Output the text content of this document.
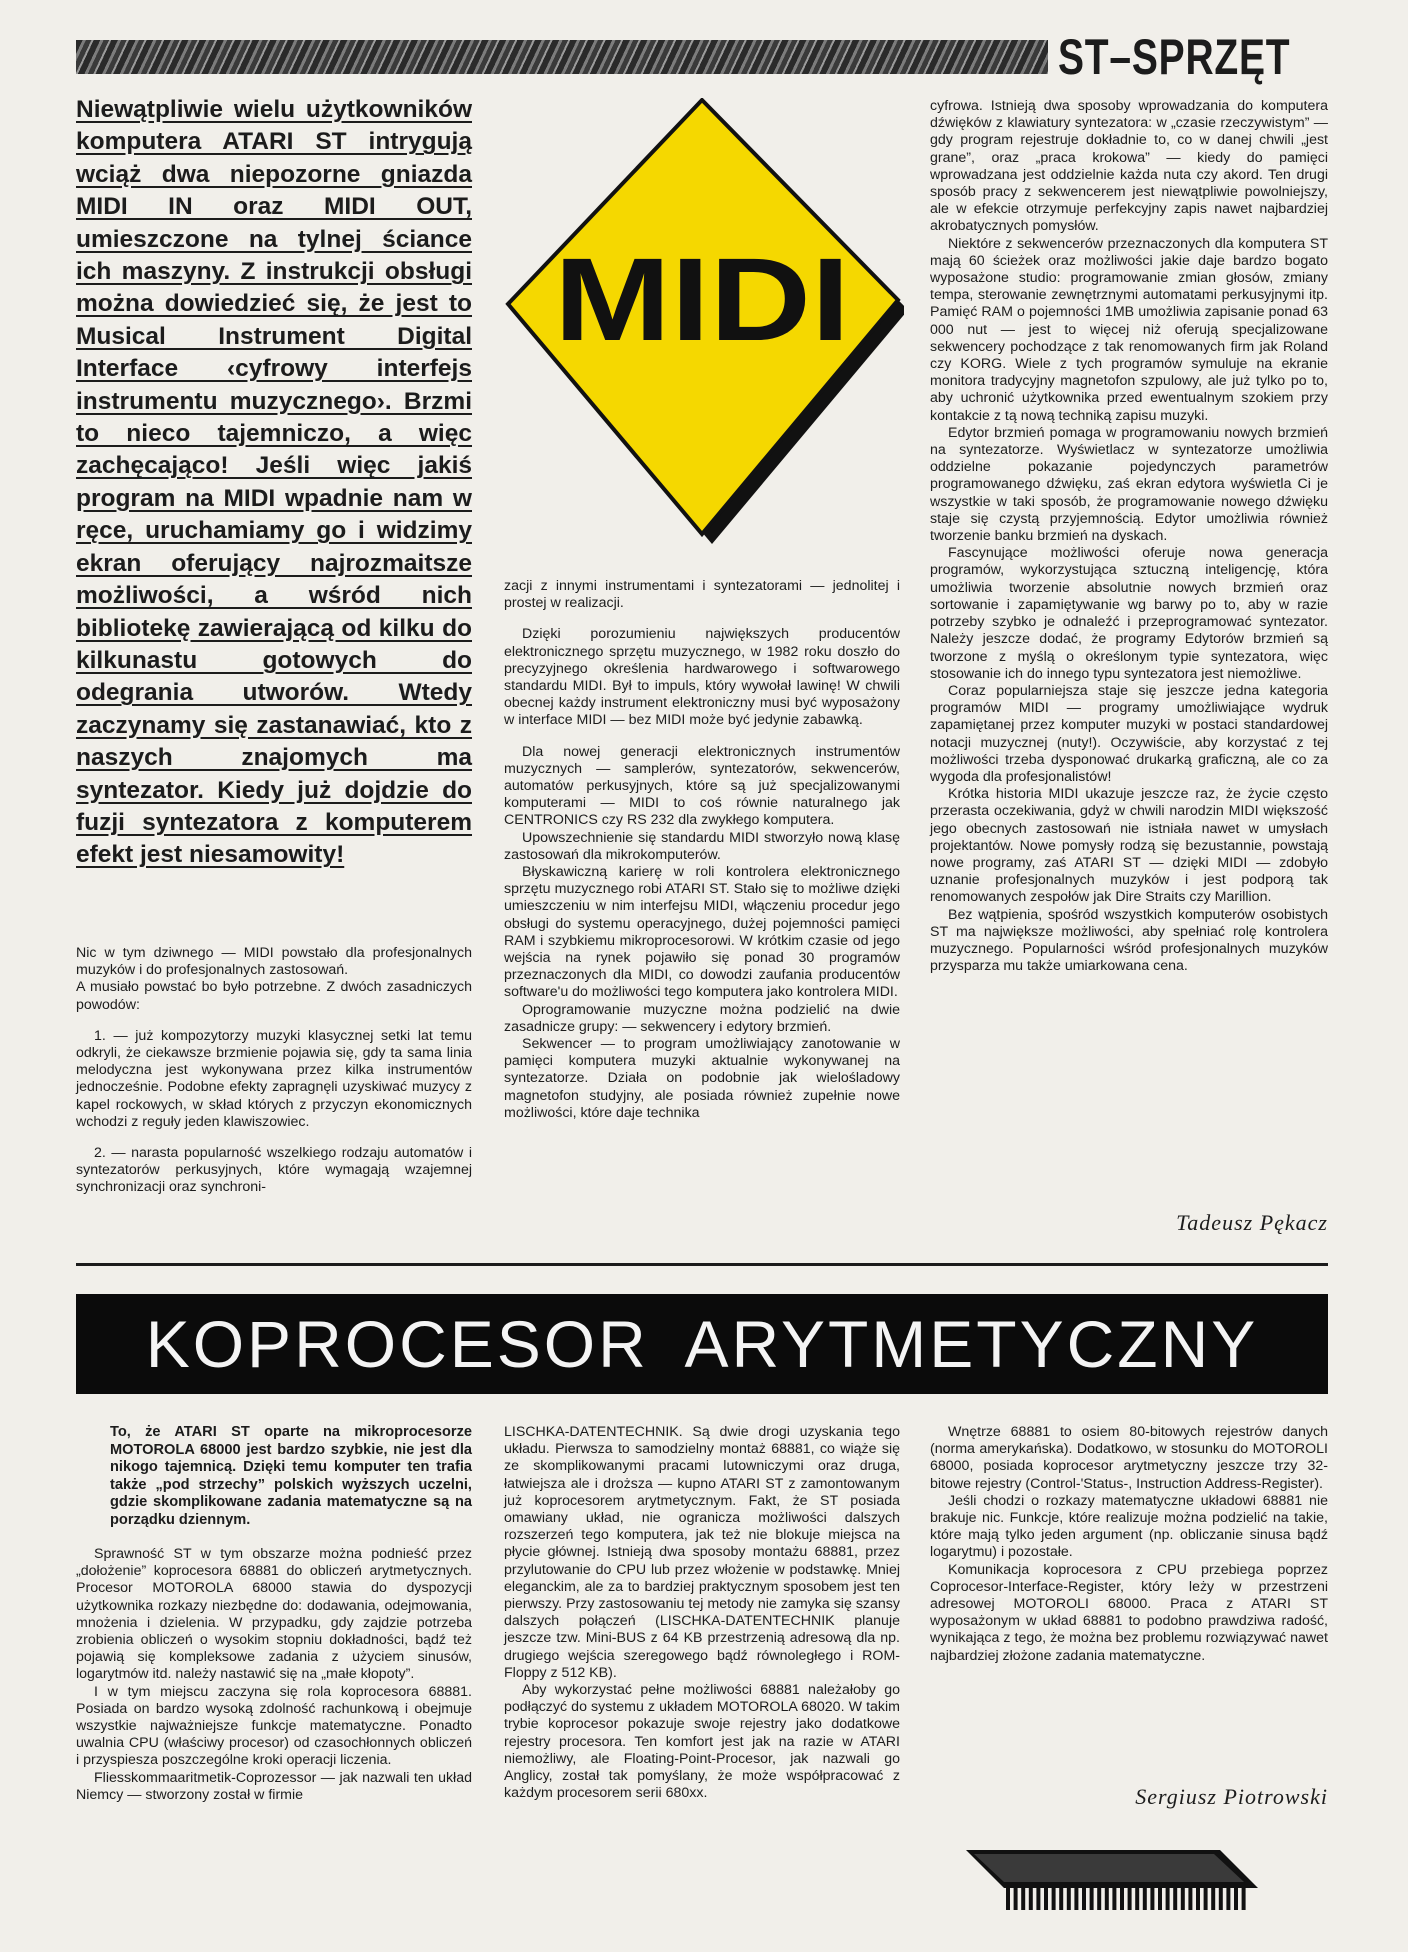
ST–SPRZĘT
Niewątpliwie wielu użytkowników komputera ATARI ST intrygują wciąż dwa niepozorne gniazda MIDI IN oraz MIDI OUT, umieszczone na tylnej ściance ich maszyny. Z instrukcji obsługi można dowiedzieć się, że jest to Musical Instrument Digital Interface ‹cyfrowy interfejs instrumentu muzycznego›. Brzmi to nieco tajemniczo, a więc zachęcająco! Jeśli więc jakiś program na MIDI wpadnie nam w ręce, uruchamiamy go i widzimy ekran oferujący najrozmaitsze możliwości, a wśród nich bibliotekę zawierającą od kilku do kilkunastu gotowych do odegrania utworów. Wtedy zaczynamy się zastanawiać, kto z naszych znajomych ma syntezator. Kiedy już dojdzie do fuzji syntezatora z komputerem efekt jest niesamowity!
MIDI

Nic w tym dziwnego — MIDI powstało dla profesjonalnych muzyków i do profesjonalnych zastosowań.

A musiało powstać bo było potrzebne. Z dwóch zasadniczych powodów:

1. — już kompozytorzy muzyki klasycznej setki lat temu odkryli, że ciekawsze brzmienie pojawia się, gdy ta sama linia melodyczna jest wykonywana przez kilka instrumentów jednocześnie. Podobne efekty zapragnęli uzyskiwać muzycy z kapel rockowych, w skład których z przyczyn ekonomicznych wchodzi z reguły jeden klawiszowiec.

2. — narasta popularność wszelkiego rodzaju automatów i syntezatorów perkusyjnych, które wymagają wzajemnej synchronizacji oraz synchroni-

zacji z innymi instrumentami i syntezatorami — jednolitej i prostej w realizacji.

Dzięki porozumieniu największych producentów elektronicznego sprzętu muzycznego, w 1982 roku doszło do precyzyjnego określenia hardwarowego i softwarowego standardu MIDI. Był to impuls, który wywołał lawinę! W chwili obecnej każdy instrument elektroniczny musi być wyposażony w interface MIDI — bez MIDI może być jedynie zabawką.

Dla nowej generacji elektronicznych instrumentów muzycznych — samplerów, syntezatorów, sekwencerów, automatów perkusyjnych, które są już specjalizowanymi komputerami — MIDI to coś równie naturalnego jak CENTRONICS czy RS 232 dla zwykłego komputera.

Upowszechnienie się standardu MIDI stworzyło nową klasę zastosowań dla mikrokomputerów.

Błyskawiczną karierę w roli kontrolera elektronicznego sprzętu muzycznego robi ATARI ST. Stało się to możliwe dzięki umieszczeniu w nim interfejsu MIDI, włączeniu procedur jego obsługi do systemu operacyjnego, dużej pojemności pamięci RAM i szybkiemu mikroprocesorowi. W krótkim czasie od jego wejścia na rynek pojawiło się ponad 30 programów przeznaczonych dla MIDI, co dowodzi zaufania producentów software'u do możliwości tego komputera jako kontrolera MIDI.

Oprogramowanie muzyczne można podzielić na dwie zasadnicze grupy: — sekwencery i edytory brzmień.

Sekwencer — to program umożliwiający zanotowanie w pamięci komputera muzyki aktualnie wykonywanej na syntezatorze. Działa on podobnie jak wielośladowy magnetofon studyjny, ale posiada również zupełnie nowe możliwości, które daje technika

cyfrowa. Istnieją dwa sposoby wprowadzania do komputera dźwięków z klawiatury syntezatora: w „czasie rzeczywistym” — gdy program rejestruje dokładnie to, co w danej chwili „jest grane”, oraz „praca krokowa” — kiedy do pamięci wprowadzana jest oddzielnie każda nuta czy akord. Ten drugi sposób pracy z sekwencerem jest niewątpliwie powolniejszy, ale w efekcie otrzymuje perfekcyjny zapis nawet najbardziej akrobatycznych pomysłów.

Niektóre z sekwencerów przeznaczonych dla komputera ST mają 60 ścieżek oraz możliwości jakie daje bardzo bogato wyposażone studio: programowanie zmian głosów, zmiany tempa, sterowanie zewnętrznymi automatami perkusyjnymi itp. Pamięć RAM o pojemności 1MB umożliwia zapisanie ponad 63 000 nut — jest to więcej niż oferują specjalizowane sekwencery pochodzące z tak renomowanych firm jak Roland czy KORG. Wiele z tych programów symuluje na ekranie monitora tradycyjny magnetofon szpulowy, ale już tylko po to, aby uchronić użytkownika przed ewentualnym szokiem przy kontakcie z tą nową techniką zapisu muzyki.

Edytor brzmień pomaga w programowaniu nowych brzmień na syntezatorze. Wyświetlacz w syntezatorze umożliwia oddzielne pokazanie pojedynczych parametrów programowanego dźwięku, zaś ekran edytora wyświetla Ci je wszystkie w taki sposób, że programowanie nowego dźwięku staje się czystą przyjemnością. Edytor umożliwia również tworzenie banku brzmień na dyskach.

Fascynujące możliwości oferuje nowa generacja programów, wykorzystująca sztuczną inteligencję, która umożliwia tworzenie absolutnie nowych brzmień oraz sortowanie i zapamiętywanie wg barwy po to, aby w razie potrzeby szybko je odnaleźć i przeprogramować syntezator. Należy jeszcze dodać, że programy Edytorów brzmień są tworzone z myślą o określonym typie syntezatora, więc stosowanie ich do innego typu syntezatora jest niemożliwe.

Coraz popularniejsza staje się jeszcze jedna kategoria programów MIDI — programy umożliwiające wydruk zapamiętanej przez komputer muzyki w postaci standardowej notacji muzycznej (nuty!). Oczywiście, aby korzystać z tej możliwości trzeba dysponować drukarką graficzną, ale co za wygoda dla profesjonalistów!

Krótka historia MIDI ukazuje jeszcze raz, że życie często przerasta oczekiwania, gdyż w chwili narodzin MIDI większość jego obecnych zastosowań nie istniała nawet w umysłach projektantów. Nowe pomysły rodzą się bezustannie, powstają nowe programy, zaś ATARI ST — dzięki MIDI — zdobyło uznanie profesjonalnych muzyków i jest podporą tak renomowanych zespołów jak Dire Straits czy Marillion.

Bez wątpienia, spośród wszystkich komputerów osobistych ST ma największe możliwości, aby spełniać rolę kontrolera muzycznego. Popularności wśród profesjonalnych muzyków przysparza mu także umiarkowana cena.

Tadeusz Pękacz
KOPROCESOR ARYTMETYCZNY
To, że ATARI ST oparte na mikroprocesorze MOTOROLA 68000 jest bardzo szybkie, nie jest dla nikogo tajemnicą. Dzięki temu komputer ten trafia także „pod strzechy” polskich wyższych uczelni, gdzie skomplikowane zadania matematyczne są na porządku dziennym.

Sprawność ST w tym obszarze można podnieść przez „dołożenie” koprocesora 68881 do obliczeń arytmetycznych. Procesor MOTOROLA 68000 stawia do dyspozycji użytkownika rozkazy niezbędne do: dodawania, odejmowania, mnożenia i dzielenia. W przypadku, gdy zajdzie potrzeba zrobienia obliczeń o wysokim stopniu dokładności, bądź też pojawią się kompleksowe zadania z użyciem sinusów, logarytmów itd. należy nastawić się na „małe kłopoty”.

I w tym miejscu zaczyna się rola koprocesora 68881. Posiada on bardzo wysoką zdolność rachunkową i obejmuje wszystkie najważniejsze funkcje matematyczne. Ponadto uwalnia CPU (właściwy procesor) od czasochłonnych obliczeń i przyspiesza poszczególne kroki operacji liczenia.

Fliesskommaaritmetik-Coprozessor — jak nazwali ten układ Niemcy — stworzony został w firmie

LISCHKA-DATENTECHNIK. Są dwie drogi uzyskania tego układu. Pierwsza to samodzielny montaż 68881, co wiąże się ze skomplikowanymi pracami lutowniczymi oraz druga, łatwiejsza ale i droższa — kupno ATARI ST z zamontowanym już koprocesorem arytmetycznym. Fakt, że ST posiada omawiany układ, nie ogranicza możliwości dalszych rozszerzeń tego komputera, jak też nie blokuje miejsca na płycie głównej. Istnieją dwa sposoby montażu 68881, przez przylutowanie do CPU lub przez włożenie w podstawkę. Mniej eleganckim, ale za to bardziej praktycznym sposobem jest ten pierwszy. Przy zastosowaniu tej metody nie zamyka się szansy dalszych połączeń (LISCHKA-DATENTECHNIK planuje jeszcze tzw. Mini-BUS z 64 KB przestrzenią adresową dla np. drugiego wejścia szeregowego bądź równoległego i ROM-Floppy z 512 KB).

Aby wykorzystać pełne możliwości 68881 należałoby go podłączyć do systemu z układem MOTOROLA 68020. W takim trybie koprocesor pokazuje swoje rejestry jako dodatkowe rejestry procesora. Ten komfort jest jak na razie w ATARI niemożliwy, ale Floating-Point-Procesor, jak nazwali go Anglicy, został tak pomyślany, że może współpracować z każdym procesorem serii 680xx.

Wnętrze 68881 to osiem 80-bitowych rejestrów danych (norma amerykańska). Dodatkowo, w stosunku do MOTOROLI 68000, posiada koprocesor arytmetyczny jeszcze trzy 32-bitowe rejestry (Control-'Status-, Instruction Address-Register).

Jeśli chodzi o rozkazy matematyczne układowi 68881 nie brakuje nic. Funkcje, które realizuje można podzielić na takie, które mają tylko jeden argument (np. obliczanie sinusa bądź logarytmu) i pozostałe.

Komunikacja koprocesora z CPU przebiega poprzez Coprocesor-Interface-Register, który leży w przestrzeni adresowej MOTOROLI 68000. Praca z ATARI ST wyposażonym w układ 68881 to podobno prawdziwa radość, wynikająca z tego, że można bez problemu rozwiązywać nawet najbardziej złożone zadania matematyczne.

Sergiusz Piotrowski
